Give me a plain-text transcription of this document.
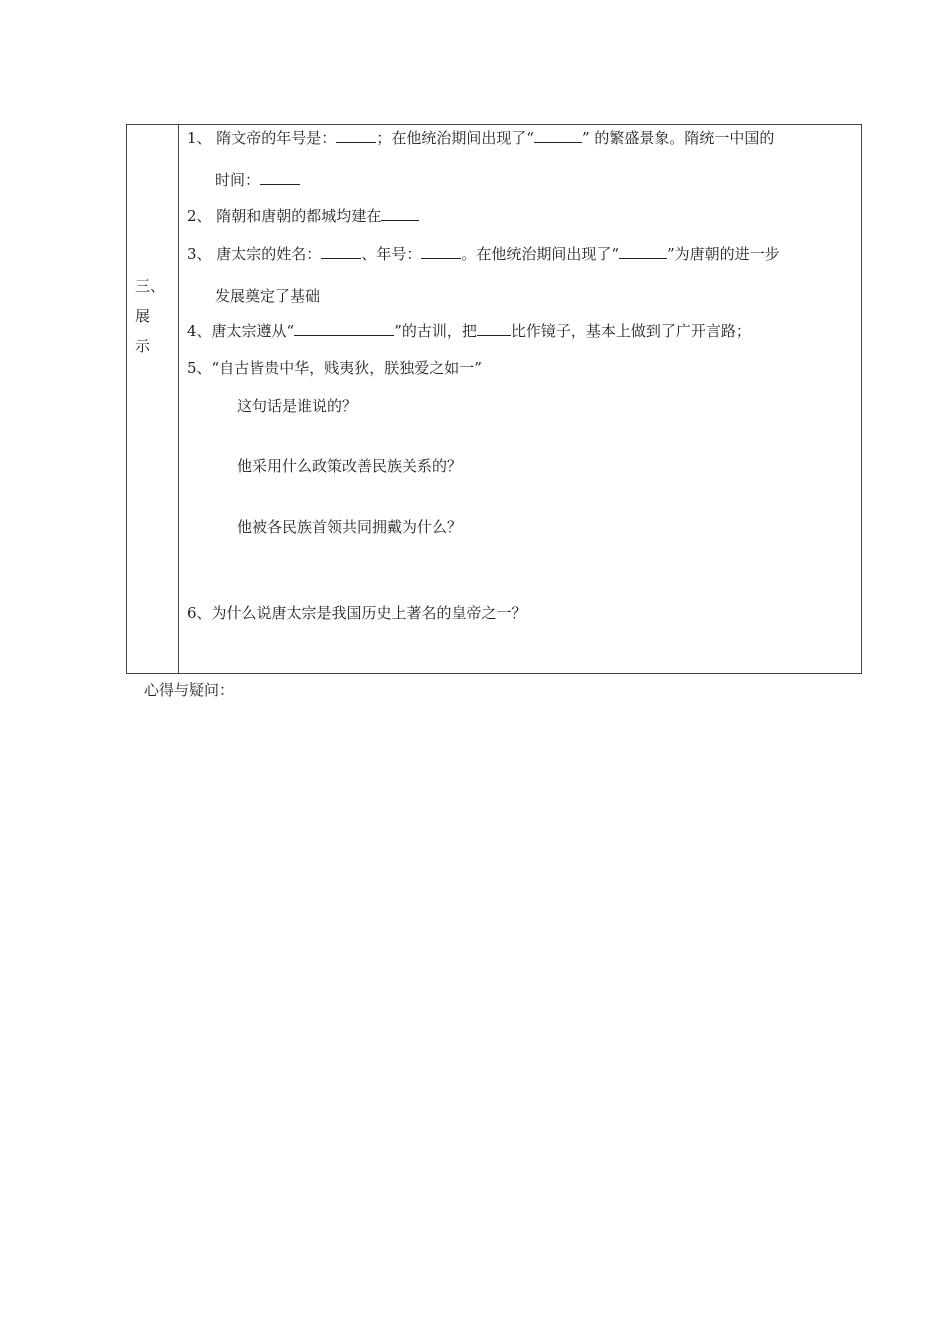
三、
展
示
1、 隋文帝的年号是：	；在他统治期间出现了“	” 的繁盛景象。隋统一中国的
时间：
2、 隋朝和唐朝的都城均建在
3、 唐太宗的姓名：	、年号：	。在他统治期间出现了“	”为唐朝的进一步
发展奠定了基础
4、唐太宗遵从“	”的古训，把 比作镜子，基本上做到了广开言路；
5、“自古皆贵中华，贱夷狄，朕独爱之如一”
这句话是谁说的？
他采用什么政策改善民族关系的？
他被各民族首领共同拥戴为什么？
6、为什么说唐太宗是我国历史上著名的皇帝之一？
心得与疑问：
